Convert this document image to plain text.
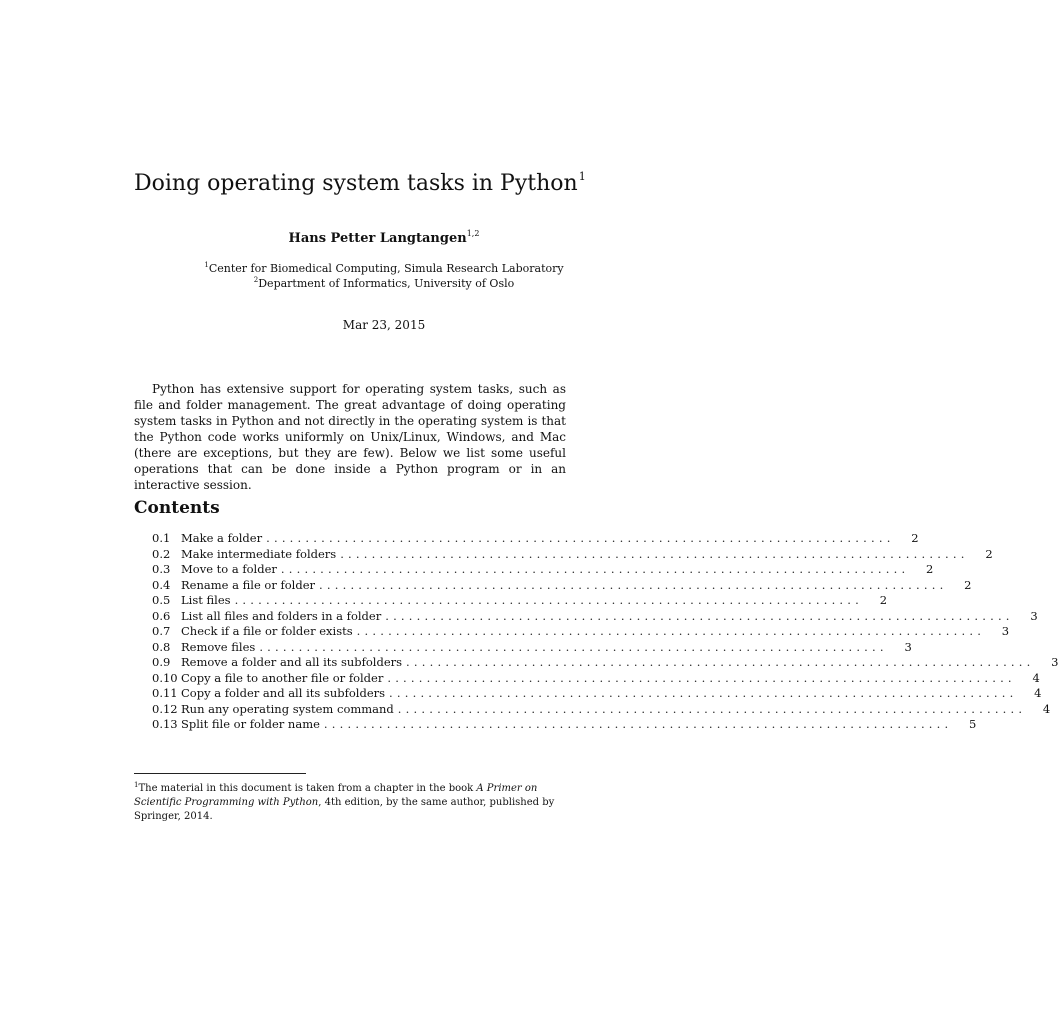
Doing operating system tasks in Python$^1$
Hans Petter Langtangen$^{1,2}$
$^1$Center for Biomedical Computing, Simula Research Laboratory
$^2$Department of Informatics, University of Oslo
Mar 23, 2015

Python has extensive support for operating system tasks, such as file and folder management. The great advantage of doing operating system tasks in Python and not directly in the operating system is that the Python code works uniformly on Unix/Linux, Windows, and Mac (there are exceptions, but they are few). Below we list some useful operations that can be done inside a Python program or in an interactive session.

Contents
0.1 Make a folder ................................................................................ 2
0.2 Make intermediate folders ................................................................................ 2
0.3 Move to a folder ................................................................................ 2
0.4 Rename a file or folder ................................................................................ 2
0.5 List files ................................................................................ 2
0.6 List all files and folders in a folder ................................................................................ 3
0.7 Check if a file or folder exists ................................................................................ 3
0.8 Remove files ................................................................................ 3
0.9 Remove a folder and all its subfolders ................................................................................ 3
0.10 Copy a file to another file or folder ................................................................................ 4
0.11 Copy a folder and all its subfolders ................................................................................ 4
0.12 Run any operating system command ................................................................................ 4
0.13 Split file or folder name ................................................................................ 5
$^1$The material in this document is taken from a chapter in the book A Primer on Scientific Programming with Python, 4th edition, by the same author, published by Springer, 2014.
